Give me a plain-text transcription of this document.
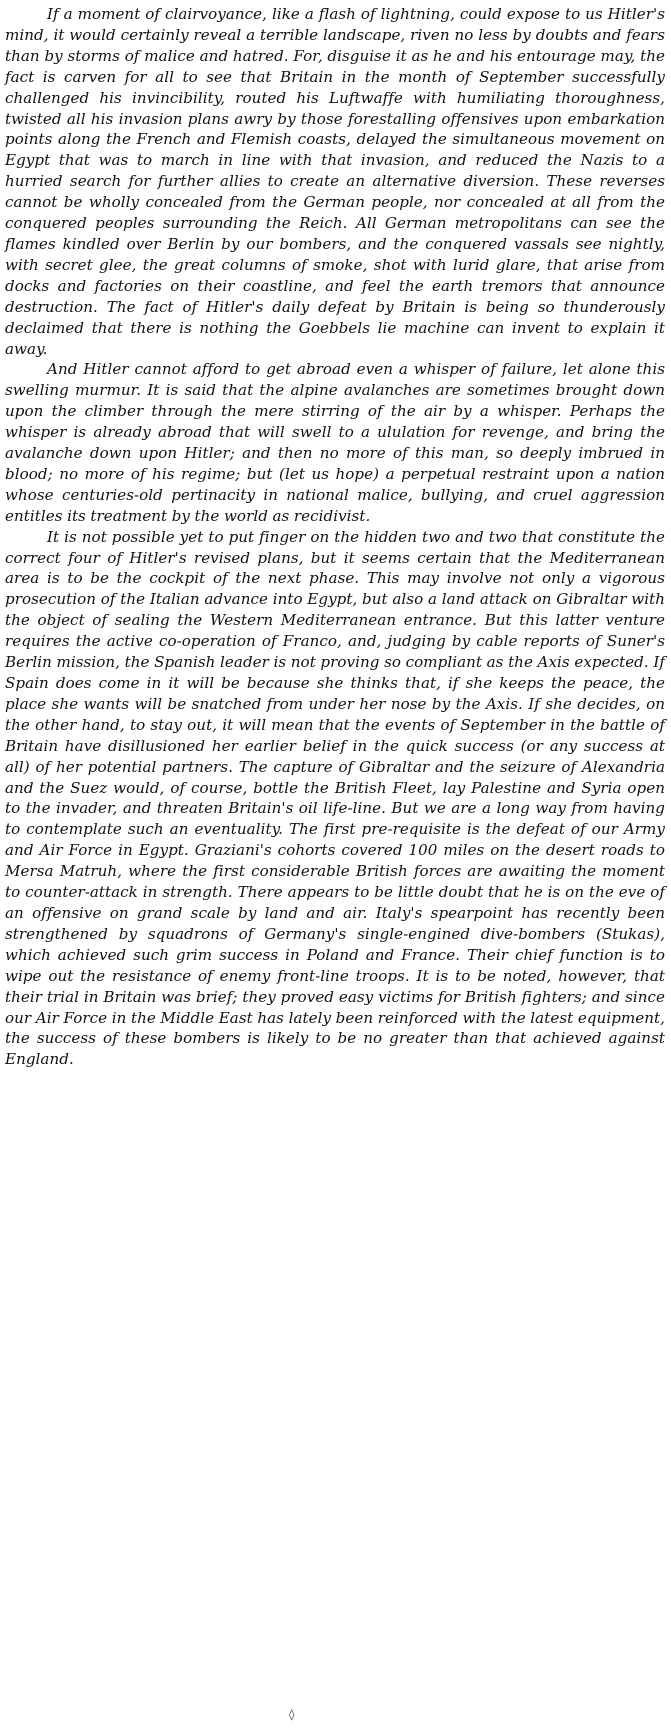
If a moment of clairvoyance, like a flash of lightning, could expose to us Hitler's mind, it would certainly reveal a terrible landscape, riven no less by doubts and fears than by storms of malice and hatred. For, disguise it as he and his entourage may, the fact is carven for all to see that Britain in the month of September successfully challenged his invincibility, routed his Luftwaffe with humiliating thoroughness, twisted all his invasion plans awry by those forestalling offensives upon embarkation points along the French and Flemish coasts, delayed the simultaneous movement on Egypt that was to march in line with that invasion, and reduced the Nazis to a hurried search for further allies to create an alternative diversion. These reverses cannot be wholly concealed from the German people, nor concealed at all from the conquered peoples surrounding the Reich. All German metropolitans can see the flames kindled over Berlin by our bombers, and the conquered vassals see nightly, with secret glee, the great columns of smoke, shot with lurid glare, that arise from docks and factories on their coastline, and feel the earth tremors that announce destruction. The fact of Hitler's daily defeat by Britain is being so thunderously declaimed that there is nothing the Goebbels lie machine can invent to explain it away.

And Hitler cannot afford to get abroad even a whisper of failure, let alone this swelling murmur. It is said that the alpine avalanches are sometimes brought down upon the climber through the mere stirring of the air by a whisper. Perhaps the whisper is already abroad that will swell to a ululation for revenge, and bring the avalanche down upon Hitler; and then no more of this man, so deeply imbrued in blood; no more of his regime; but (let us hope) a perpetual restraint upon a nation whose centuries-old pertinacity in national malice, bullying, and cruel aggression entitles its treatment by the world as recidivist.

It is not possible yet to put finger on the hidden two and two that constitute the correct four of Hitler's revised plans, but it seems certain that the Mediterranean area is to be the cockpit of the next phase. This may involve not only a vigorous prosecution of the Italian advance into Egypt, but also a land attack on Gibraltar with the object of sealing the Western Mediterranean entrance. But this latter venture requires the active co-operation of Franco, and, judging by cable reports of Suner's Berlin mission, the Spanish leader is not proving so compliant as the Axis expected. If Spain does come in it will be because she thinks that, if she keeps the peace, the place she wants will be snatched from under her nose by the Axis. If she decides, on the other hand, to stay out, it will mean that the events of September in the battle of Britain have disillusioned her earlier belief in the quick success (or any success at all) of her potential partners. The capture of Gibraltar and the seizure of Alexandria and the Suez would, of course, bottle the British Fleet, lay Palestine and Syria open to the invader, and threaten Britain's oil life-line. But we are a long way from having to contemplate such an eventuality. The first pre-requisite is the defeat of our Army and Air Force in Egypt. Graziani's cohorts covered 100 miles on the desert roads to Mersa Matruh, where the first considerable British forces are awaiting the moment to counter-attack in strength. There appears to be little doubt that he is on the eve of an offensive on grand scale by land and air. Italy's spearpoint has recently been strengthened by squadrons of Germany's single-engined dive-bombers (Stukas), which achieved such grim success in Poland and France. Their chief function is to wipe out the resistance of enemy front-line troops. It is to be noted, however, that their trial in Britain was brief; they proved easy victims for British fighters; and since our Air Force in the Middle East has lately been reinforced with the latest equipment, the success of these bombers is likely to be no greater than that achieved against England.

◊
